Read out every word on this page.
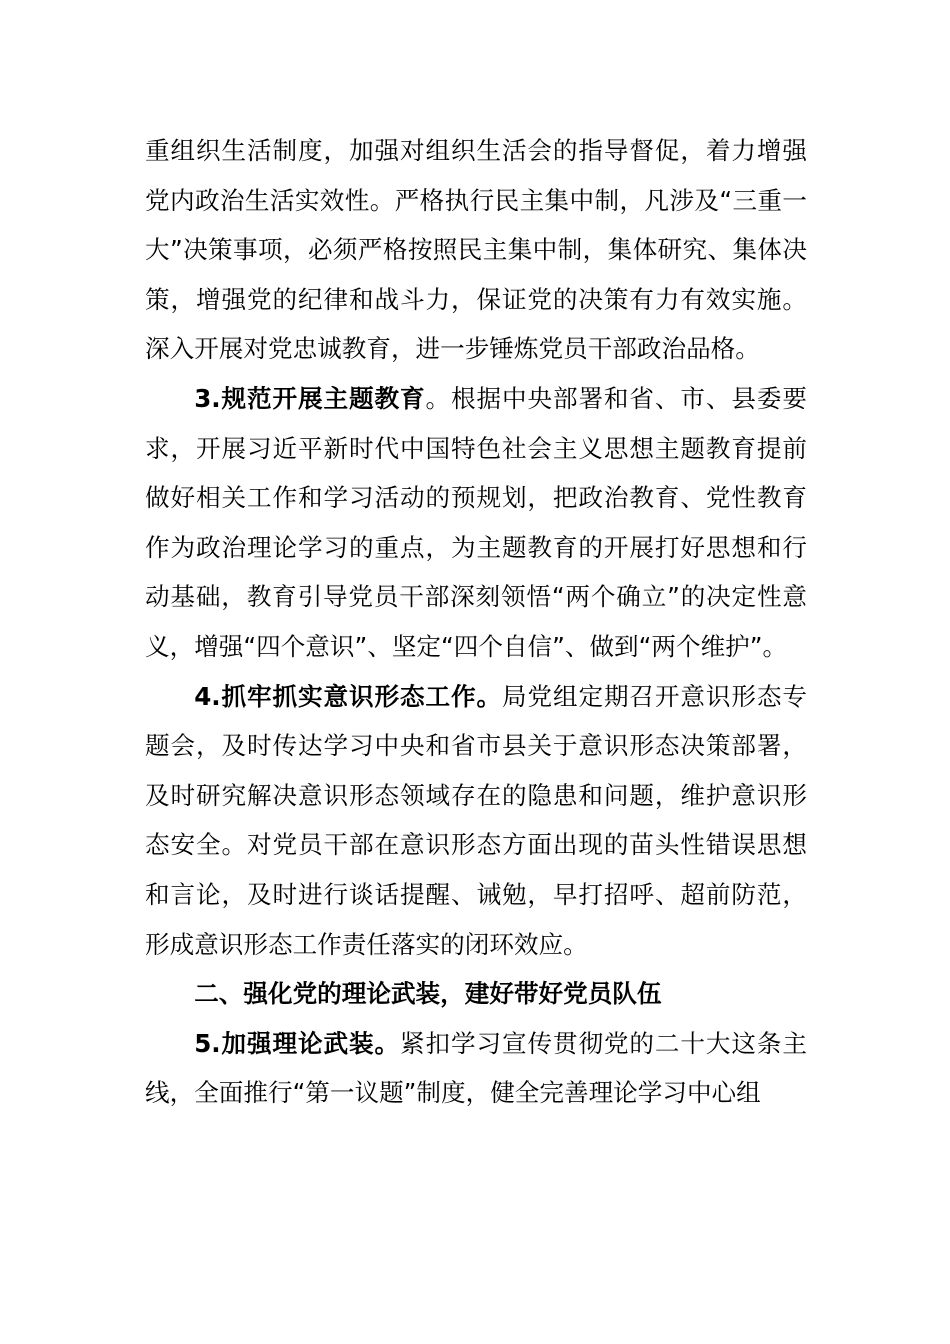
重组织生活制度，加强对组织生活会的指导督促，着力增强党内政治生活实效性。严格执行民主集中制，凡涉及“三重一大”决策事项，必须严格按照民主集中制，集体研究、集体决策，增强党的纪律和战斗力，保证党的决策有力有效实施。深入开展对党忠诚教育，进一步锤炼党员干部政治品格。

3.规范开展主题教育。根据中央部署和省、市、县委要求，开展习近平新时代中国特色社会主义思想主题教育提前做好相关工作和学习活动的预规划，把政治教育、党性教育作为政治理论学习的重点，为主题教育的开展打好思想和行动基础，教育引导党员干部深刻领悟“两个确立”的决定性意义，增强“四个意识”、坚定“四个自信”、做到“两个维护”。

4.抓牢抓实意识形态工作。局党组定期召开意识形态专题会，及时传达学习中央和省市县关于意识形态决策部署，及时研究解决意识形态领域存在的隐患和问题，维护意识形态安全。对党员干部在意识形态方面出现的苗头性错误思想和言论，及时进行谈话提醒、诫勉，早打招呼、超前防范，形成意识形态工作责任落实的闭环效应。

二、强化党的理论武装，建好带好党员队伍

5.加强理论武装。紧扣学习宣传贯彻党的二十大这条主线，全面推行“第一议题”制度，健全完善理论学习中心组
